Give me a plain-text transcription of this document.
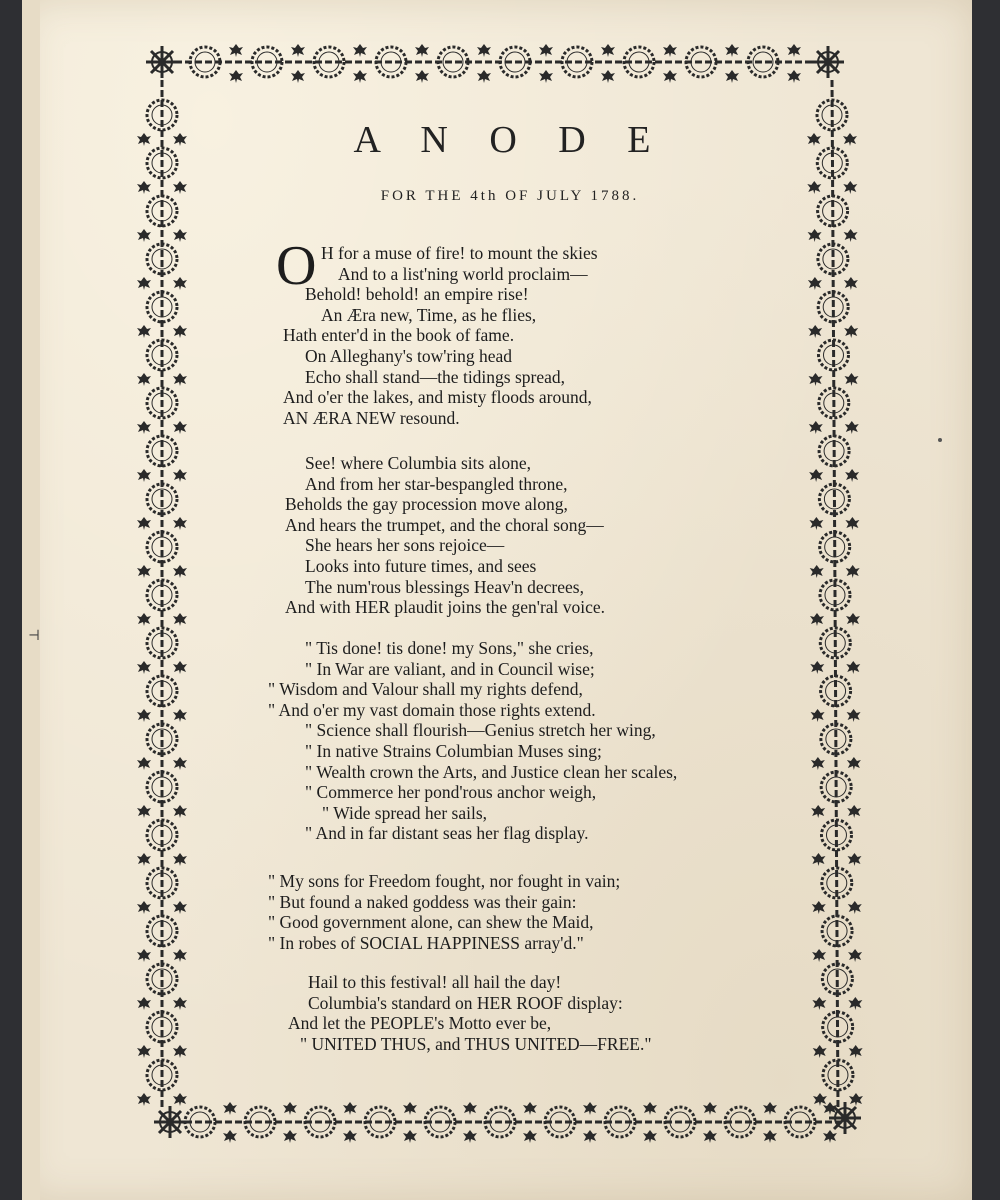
⊣
A N O D E
FOR THE 4th OF JULY 1788.
O H for a muse of fire! to mount the skies
And to a list'ning world proclaim—
Behold! behold! an empire rise!
An Æra new, Time, as he flies,
Hath enter'd in the book of fame.
On Alleghany's tow'ring head
Echo shall stand—the tidings spread,
And o'er the lakes, and misty floods around,
AN ÆRA NEW resound.
See! where Columbia sits alone,
And from her star-bespangled throne,
Beholds the gay procession move along,
And hears the trumpet, and the choral song—
She hears her sons rejoice—
Looks into future times, and sees
The num'rous blessings Heav'n decrees,
And with HER plaudit joins the gen'ral voice.
" Tis done! tis done! my Sons," she cries,
" In War are valiant, and in Council wise;
" Wisdom and Valour shall my rights defend,
" And o'er my vast domain those rights extend.
" Science shall flourish—Genius stretch her wing,
" In native Strains Columbian Muses sing;
" Wealth crown the Arts, and Justice clean her scales,
" Commerce her pond'rous anchor weigh,
" Wide spread her sails,
" And in far distant seas her flag display.
" My sons for Freedom fought, nor fought in vain;
" But found a naked goddess was their gain:
" Good government alone, can shew the Maid,
" In robes of SOCIAL HAPPINESS array'd."
Hail to this festival! all hail the day!
Columbia's standard on HER ROOF display:
And let the PEOPLE's Motto ever be,
" UNITED THUS, and THUS UNITED—FREE."
